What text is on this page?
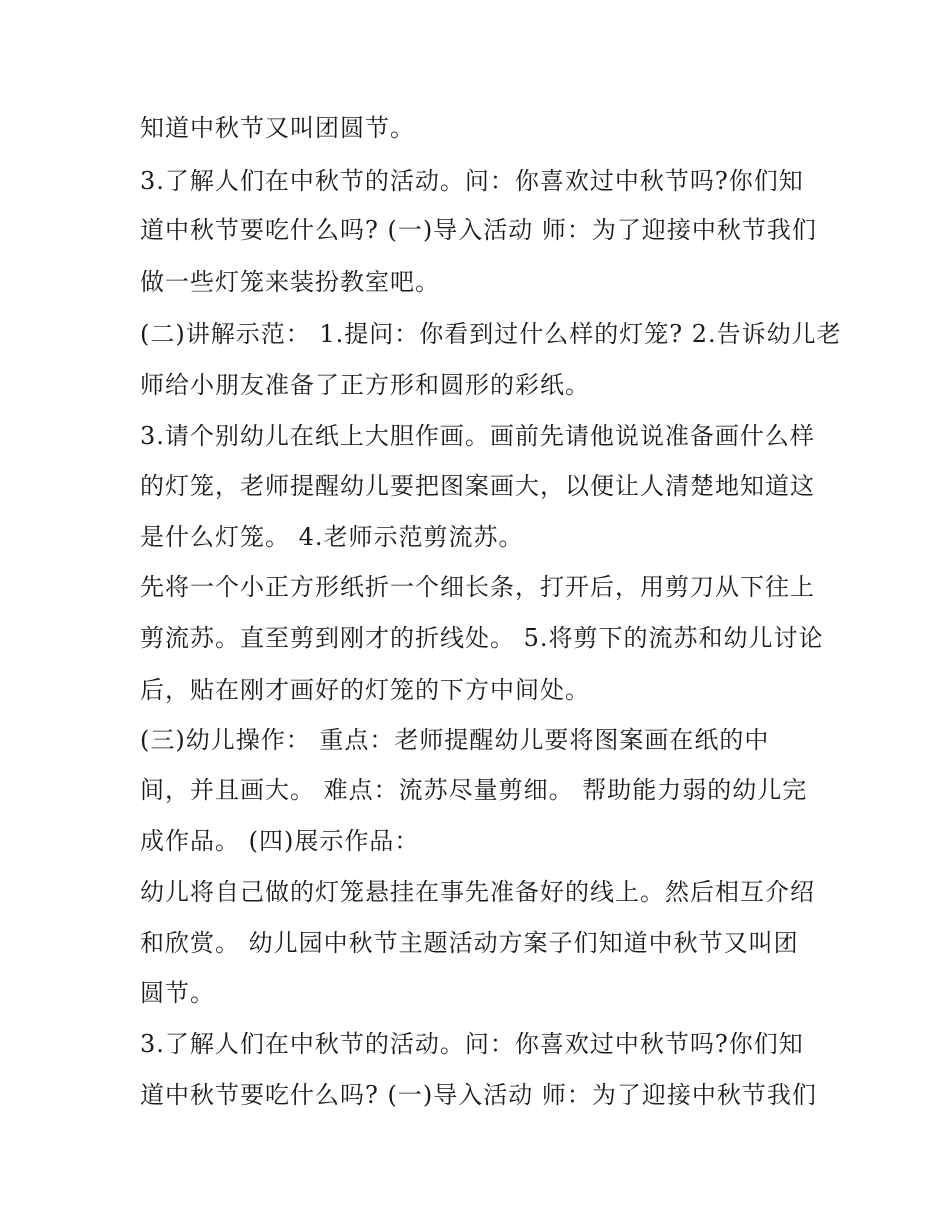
知道中秋节又叫团圆节。

3.了解人们在中秋节的活动。问：你喜欢过中秋节吗?你们知

道中秋节要吃什么吗? (一)导入活动 师：为了迎接中秋节我们

做一些灯笼来装扮教室吧。

(二)讲解示范： 1.提问：你看到过什么样的灯笼? 2.告诉幼儿老

师给小朋友准备了正方形和圆形的彩纸。

3.请个别幼儿在纸上大胆作画。画前先请他说说准备画什么样

的灯笼，老师提醒幼儿要把图案画大，以便让人清楚地知道这

是什么灯笼。 4.老师示范剪流苏。

先将一个小正方形纸折一个细长条，打开后，用剪刀从下往上

剪流苏。直至剪到刚才的折线处。 5.将剪下的流苏和幼儿讨论

后，贴在刚才画好的灯笼的下方中间处。

(三)幼儿操作： 重点：老师提醒幼儿要将图案画在纸的中

间，并且画大。 难点：流苏尽量剪细。 帮助能力弱的幼儿完

成作品。 (四)展示作品：

幼儿将自己做的灯笼悬挂在事先准备好的线上。然后相互介绍

和欣赏。 幼儿园中秋节主题活动方案子们知道中秋节又叫团

圆节。

3.了解人们在中秋节的活动。问：你喜欢过中秋节吗?你们知

道中秋节要吃什么吗? (一)导入活动 师：为了迎接中秋节我们
